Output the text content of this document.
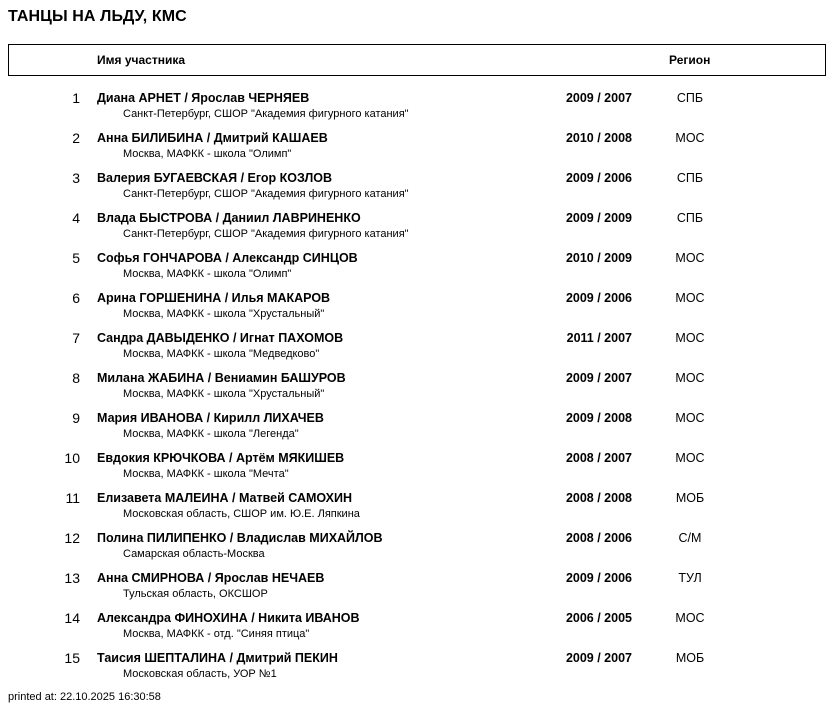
ТАНЦЫ НА ЛЬДУ, КМС
Имя участника	Регион
1 Диана АРНЕТ / Ярослав ЧЕРНЯЕВ
Санкт-Петербург, СШОР "Академия фигурного катания"
2009 / 2007	СПБ
2 Анна БИЛИБИНА / Дмитрий КАШАЕВ
Москва, МАФКК - школа "Олимп"
2010 / 2008	МОС
3 Валерия БУГАЕВСКАЯ / Егор КОЗЛОВ
Санкт-Петербург, СШОР "Академия фигурного катания"
2009 / 2006	СПБ
4 Влада БЫСТРОВА / Даниил ЛАВРИНЕНКО
Санкт-Петербург, СШОР "Академия фигурного катания"
2009 / 2009	СПБ
5 Софья ГОНЧАРОВА / Александр СИНЦОВ
Москва, МАФКК - школа "Олимп"
2010 / 2009	МОС
6 Арина ГОРШЕНИНА / Илья МАКАРОВ
Москва, МАФКК - школа "Хрустальный"
2009 / 2006	МОС
7 Сандра ДАВЫДЕНКО / Игнат ПАХОМОВ
Москва, МАФКК - школа "Медведково"
2011 / 2007	МОС
8 Милана ЖАБИНА / Вениамин БАШУРОВ
Москва, МАФКК - школа "Хрустальный"
2009 / 2007	МОС
9 Мария ИВАНОВА / Кирилл ЛИХАЧЕВ
Москва, МАФКК - школа "Легенда"
2009 / 2008	МОС
10 Евдокия КРЮЧКОВА / Артём МЯКИШЕВ
Москва, МАФКК - школа "Мечта"
2008 / 2007	МОС
11 Елизавета МАЛЕИНА / Матвей САМОХИН
Московская область, СШОР им. Ю.Е. Ляпкина
2008 / 2008	МОБ
12 Полина ПИЛИПЕНКО / Владислав МИХАЙЛОВ
Самарская область-Москва
2008 / 2006	С/М
13 Анна СМИРНОВА / Ярослав НЕЧАЕВ
Тульская область, ОКСШОР
2009 / 2006	ТУЛ
14 Александра ФИНОХИНА / Никита ИВАНОВ
Москва, МАФКК - отд. "Синяя птица"
2006 / 2005	МОС
15 Таисия ШЕПТАЛИНА / Дмитрий ПЕКИН
Московская область, УОР №1
2009 / 2007	МОБ
printed at: 22.10.2025 16:30:58
